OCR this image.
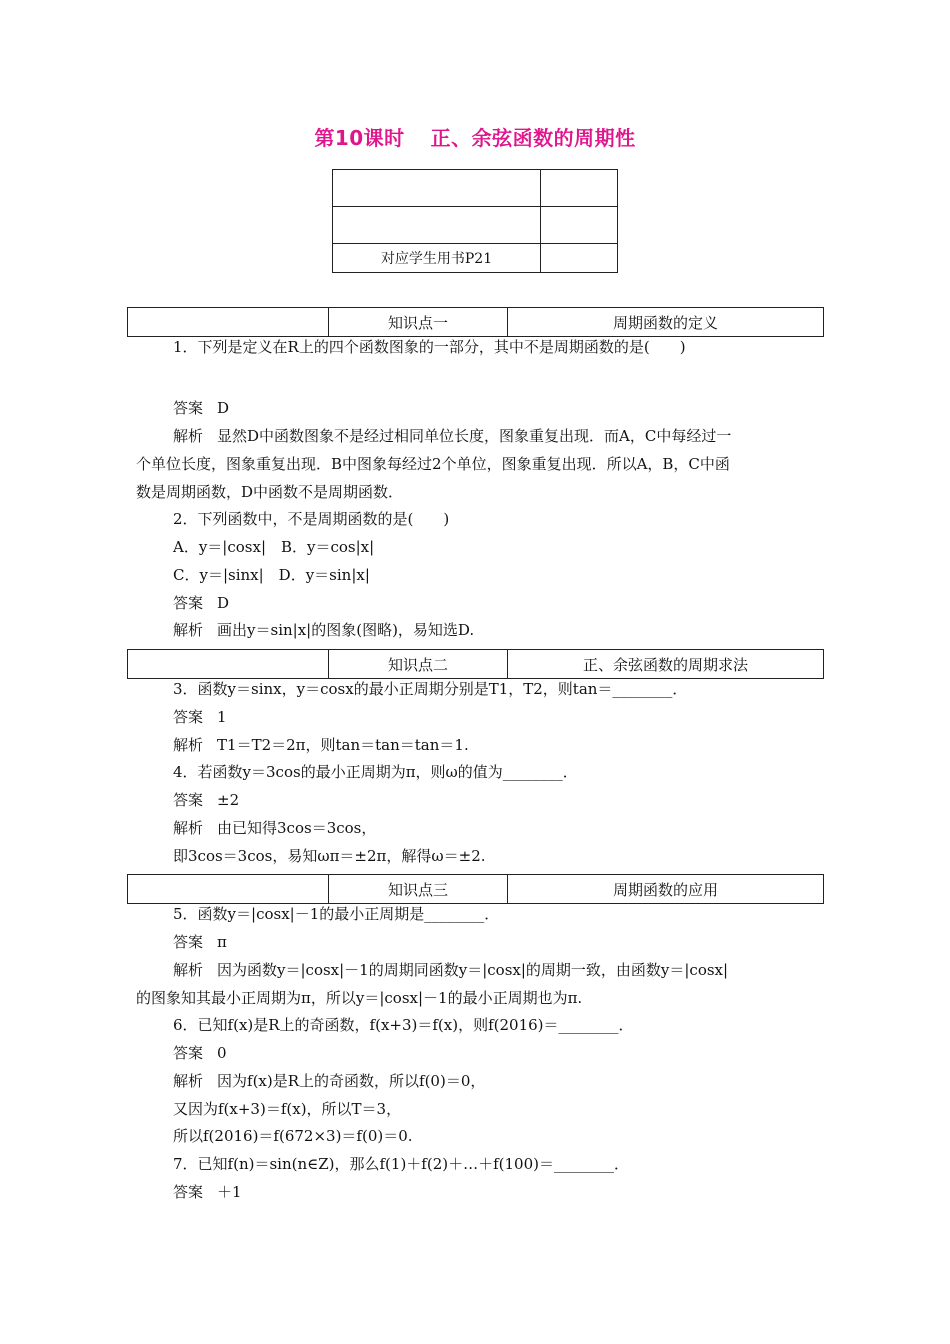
第10课时 正、余弦函数的周期性

对应学生用书P21	
	知识点一	周期函数的定义
1．下列是定义在R上的四个函数图象的一部分，其中不是周期函数的是(　　)
答案 D
解析 显然D中函数图象不是经过相同单位长度，图象重复出现．而A，C中每经过一
个单位长度，图象重复出现．B中图象每经过2个单位，图象重复出现．所以A，B，C中函
数是周期函数，D中函数不是周期函数．
2．下列函数中，不是周期函数的是(　　)
A．y＝|cosx|　B．y＝cos|x|
C．y＝|sinx|　D．y＝sin|x|
答案 D
解析 画出y＝sin|x|的图象(图略)，易知选D.
	知识点二	正、余弦函数的周期求法
3．函数y＝sinx，y＝cosx的最小正周期分别是T1，T2，则tan＝________．
答案 1
解析 T1＝T2＝2π，则tan＝tan＝tan＝1.
4．若函数y＝3cos的最小正周期为π，则ω的值为________．
答案 ±2
解析 由已知得3cos＝3cos，
即3cos＝3cos，易知ωπ＝±2π，解得ω＝±2.
	知识点三	周期函数的应用
5．函数y＝|cosx|－1的最小正周期是________．
答案 π
解析 因为函数y＝|cosx|－1的周期同函数y＝|cosx|的周期一致，由函数y＝|cosx|
的图象知其最小正周期为π，所以y＝|cosx|－1的最小正周期也为π.
6．已知f(x)是R上的奇函数，f(x+3)＝f(x)，则f(2016)＝________．
答案 0
解析 因为f(x)是R上的奇函数，所以f(0)＝0，
又因为f(x+3)＝f(x)，所以T＝3，
所以f(2016)＝f(672×3)＝f(0)＝0.
7．已知f(n)＝sin(n∈Z)，那么f(1)＋f(2)＋…＋f(100)＝________．
答案 ＋1
